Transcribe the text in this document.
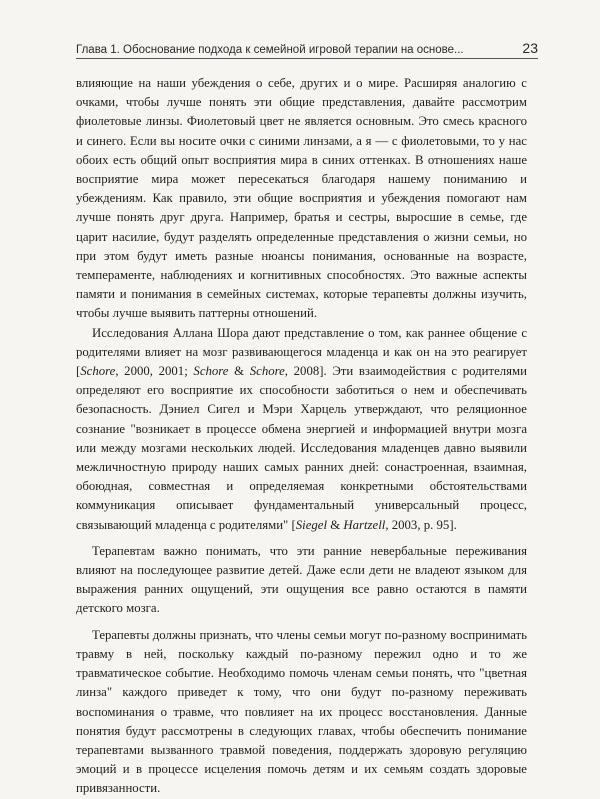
Глава 1. Обоснование подхода к семейной игровой терапии на основе...	23

влияющие на наши убеждения о себе, других и о мире. Расширяя аналогию с очками, чтобы лучше понять эти общие представления, давайте рассмотрим фиолетовые линзы. Фиолетовый цвет не является основным. Это смесь красного и синего. Если вы носите очки с синими линзами, а я — с фиолетовыми, то у нас обоих есть общий опыт восприятия мира в синих оттенках. В отношениях наше восприятие мира может пересекаться благодаря нашему пониманию и убеждениям. Как правило, эти общие восприятия и убеждения помогают нам лучше понять друг друга. Например, братья и сестры, выросшие в семье, где царит насилие, будут разделять определенные представления о жизни семьи, но при этом будут иметь разные нюансы понимания, основанные на возрасте, темпераменте, наблюдениях и когнитивных способностях. Это важные аспекты памяти и понимания в семейных системах, которые терапевты должны изучить, чтобы лучше выявить паттерны отношений.

Исследования Аллана Шора дают представление о том, как раннее общение с родителями влияет на мозг развивающегося младенца и как он на это реагирует [Schore, 2000, 2001; Schore & Schore, 2008]. Эти взаимодействия с родителями определяют его восприятие их способности заботиться о нем и обеспечивать безопасность. Дэниел Сигел и Мэри Харцель утверждают, что реляционное сознание "возникает в процессе обмена энергией и информацией внутри мозга или между мозгами нескольких людей. Исследования младенцев давно выявили межличностную природу наших самых ранних дней: сонастроенная, взаимная, обоюдная, совместная и определяемая конкретными обстоятельствами коммуникация описывает фундаментальный универсальный процесс, связывающий младенца с родителями" [Siegel & Hartzell, 2003, p. 95].

Терапевтам важно понимать, что эти ранние невербальные переживания влияют на последующее развитие детей. Даже если дети не владеют языком для выражения ранних ощущений, эти ощущения все равно остаются в памяти детского мозга.

Терапевты должны признать, что члены семьи могут по-разному воспринимать травму в ней, поскольку каждый по-разному пережил одно и то же травматическое событие. Необходимо помочь членам семьи понять, что "цветная линза" каждого приведет к тому, что они будут по-разному переживать воспоминания о травме, что повлияет на их процесс восстановления. Данные понятия будут рассмотрены в следующих главах, чтобы обеспечить понимание терапевтами вызванного травмой поведения, поддержать здоровую регуляцию эмоций и в процессе исцеления помочь детям и их семьям создать здоровые привязанности.
